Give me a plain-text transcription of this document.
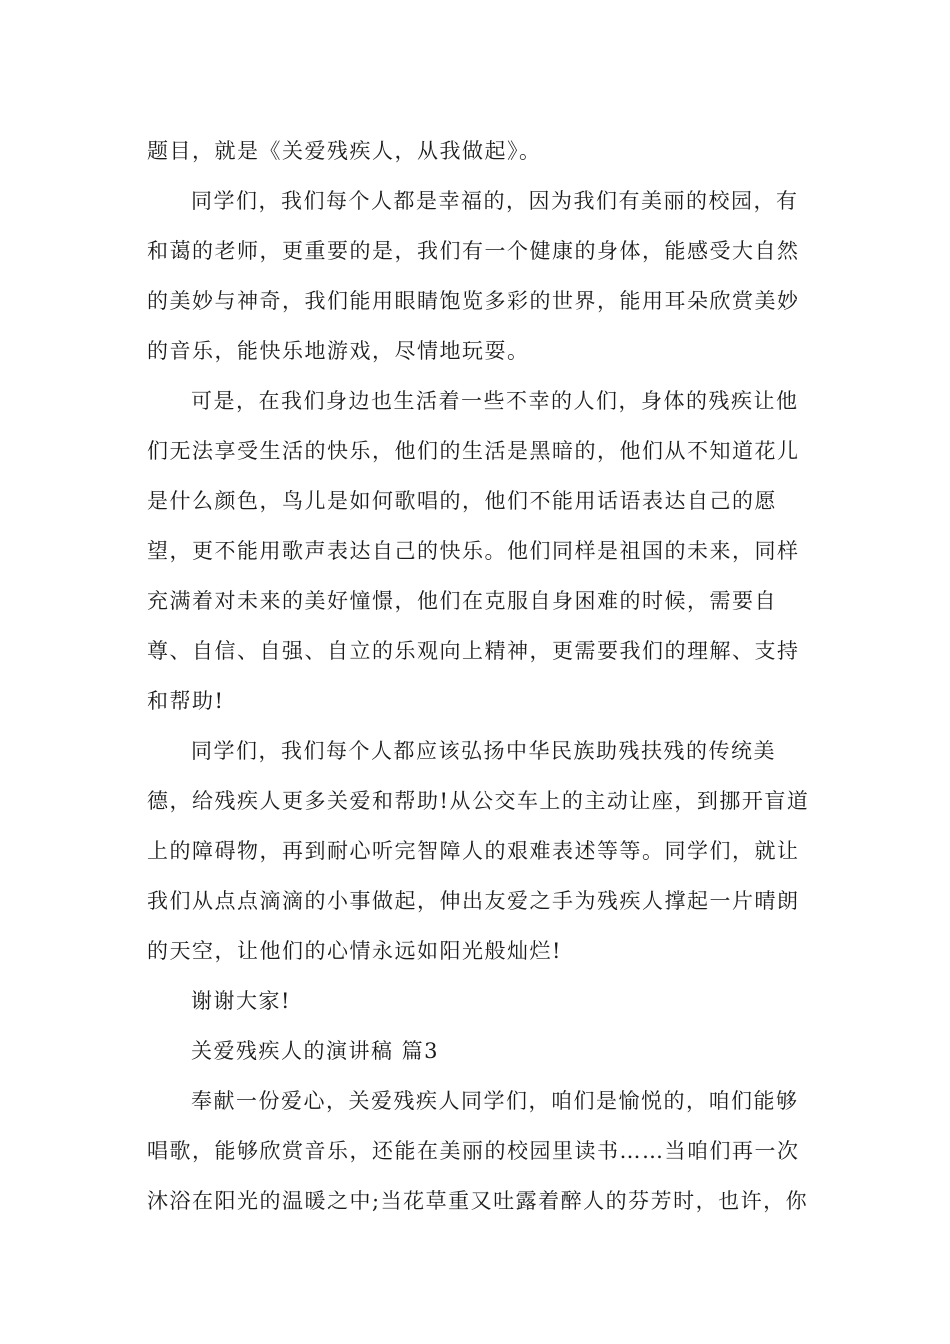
题目，就是《关爱残疾人，从我做起》。
同学们，我们每个人都是幸福的，因为我们有美丽的校园，有
和蔼的老师，更重要的是，我们有一个健康的身体，能感受大自然
的美妙与神奇，我们能用眼睛饱览多彩的世界，能用耳朵欣赏美妙
的音乐，能快乐地游戏，尽情地玩耍。
可是，在我们身边也生活着一些不幸的人们，身体的残疾让他
们无法享受生活的快乐，他们的生活是黑暗的，他们从不知道花儿
是什么颜色，鸟儿是如何歌唱的，他们不能用话语表达自己的愿
望，更不能用歌声表达自己的快乐。他们同样是祖国的未来，同样
充满着对未来的美好憧憬，他们在克服自身困难的时候，需要自
尊、自信、自强、自立的乐观向上精神，更需要我们的理解、支持
和帮助!
同学们，我们每个人都应该弘扬中华民族助残扶残的传统美
德，给残疾人更多关爱和帮助!从公交车上的主动让座，到挪开盲道
上的障碍物，再到耐心听完智障人的艰难表述等等。同学们，就让
我们从点点滴滴的小事做起，伸出友爱之手为残疾人撑起一片晴朗
的天空，让他们的心情永远如阳光般灿烂!
谢谢大家!
关爱残疾人的演讲稿 篇3
奉献一份爱心，关爱残疾人同学们，咱们是愉悦的，咱们能够
唱歌，能够欣赏音乐，还能在美丽的校园里读书……当咱们再一次
沐浴在阳光的温暖之中;当花草重又吐露着醉人的芬芳时，也许，你
